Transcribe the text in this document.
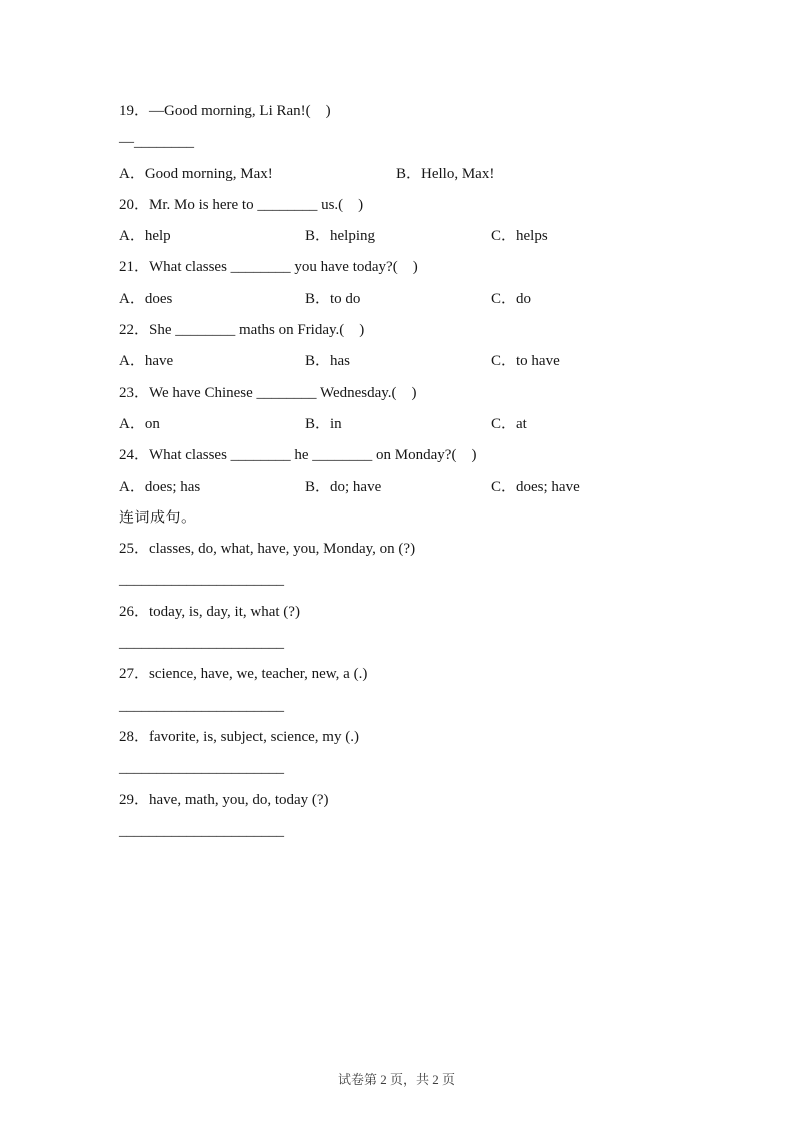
19．—Good morning, Li Ran!(    )
—________

A．Good morning, Max!

	B．Hello, Max!

20．Mr. Mo is here to ________ us.(    )

A．help

	B．helping

	C．helps

21．What classes ________ you have today?(    )

A．does

	B．to do

	C．do

22．She ________ maths on Friday.(    )

A．have

	B．has

	C．to have

23．We have Chinese ________ Wednesday.(    )

A．on

	B．in

	C．at

24．What classes ________ he ________ on Monday?(    )

A．does; has

	B．do; have

	C．does; have

连词成句。
25．classes, do, what, have, you, Monday, on (?)
______________________
26．today, is, day, it, what (?)
______________________
27．science, have, we, teacher, new, a (.)
______________________
28．favorite, is, subject, science, my (.)
______________________
29．have, math, you, do, today (?)
______________________
试卷第 2 页，共 2 页
